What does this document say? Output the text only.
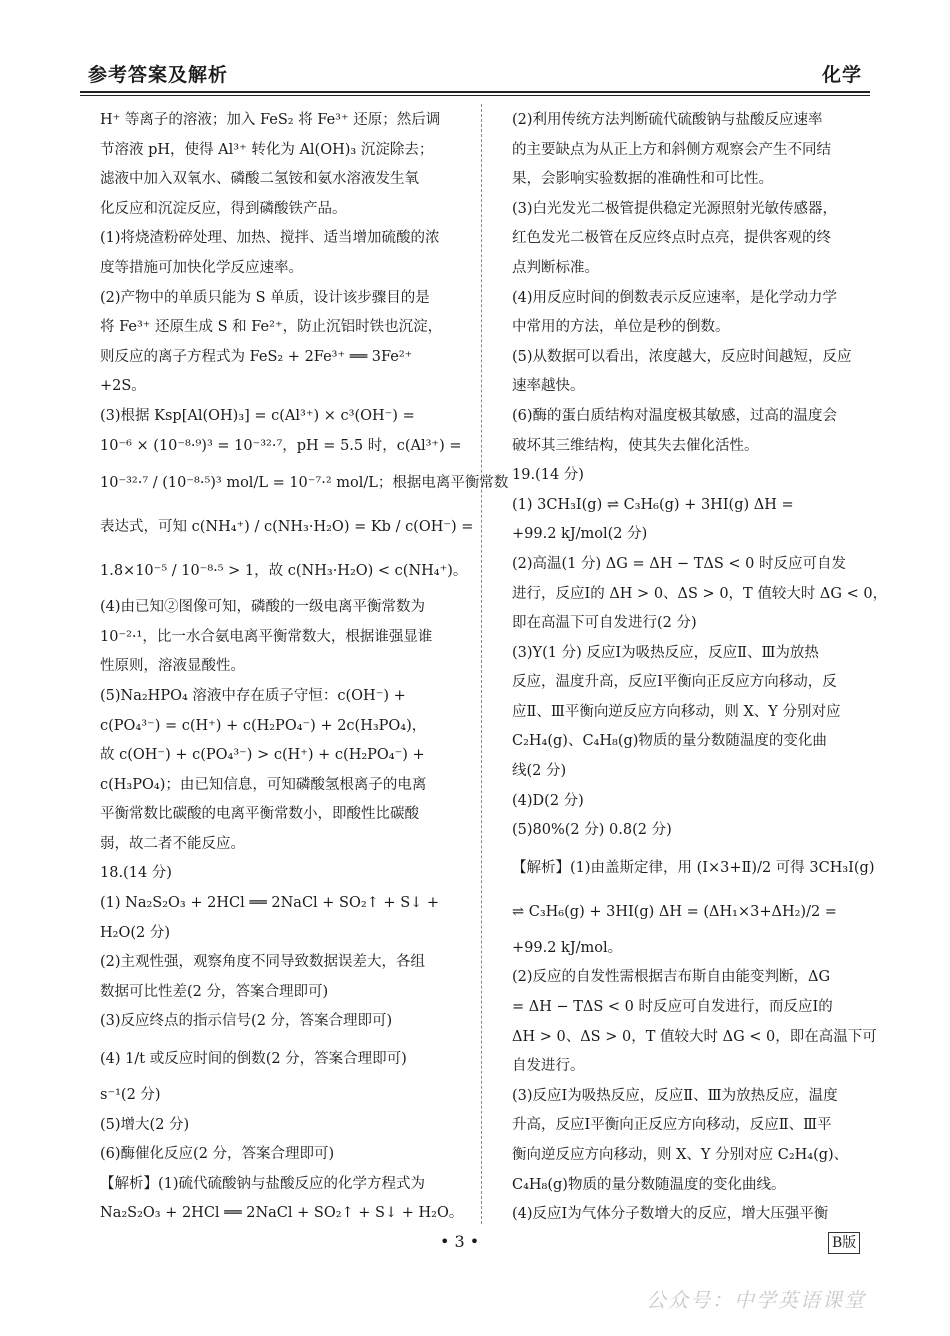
参考答案及解析	化学
H⁺ 等离子的溶液；加入 FeS₂ 将 Fe³⁺ 还原；然后调
节溶液 pH，使得 Al³⁺ 转化为 Al(OH)₃ 沉淀除去；
滤液中加入双氧水、磷酸二氢铵和氨水溶液发生氧
化反应和沉淀反应，得到磷酸铁产品。
(1)将烧渣粉碎处理、加热、搅拌、适当增加硫酸的浓
度等措施可加快化学反应速率。
(2)产物中的单质只能为 S 单质，设计该步骤目的是
将 Fe³⁺ 还原生成 S 和 Fe²⁺，防止沉铝时铁也沉淀，
则反应的离子方程式为 FeS₂ + 2Fe³⁺ ══ 3Fe²⁺
+2S。
(3)根据 Ksp[Al(OH)₃] = c(Al³⁺) × c³(OH⁻) =
10⁻⁶ × (10⁻⁸·⁹)³ = 10⁻³²·⁷，pH = 5.5 时，c(Al³⁺) =
10⁻³²·⁷ / (10⁻⁸·⁵)³ mol/L = 10⁻⁷·² mol/L；根据电离平衡常数
表达式，可知 c(NH₄⁺) / c(NH₃·H₂O) = Kb / c(OH⁻) =
1.8×10⁻⁵ / 10⁻⁸·⁵ > 1，故 c(NH₃·H₂O) < c(NH₄⁺)。
(4)由已知②图像可知，磷酸的一级电离平衡常数为
10⁻²·¹，比一水合氨电离平衡常数大，根据谁强显谁
性原则，溶液显酸性。
(5)Na₂HPO₄ 溶液中存在质子守恒：c(OH⁻) +
c(PO₄³⁻) = c(H⁺) + c(H₂PO₄⁻) + 2c(H₃PO₄)，
故 c(OH⁻) + c(PO₄³⁻) > c(H⁺) + c(H₂PO₄⁻) +
c(H₃PO₄)；由已知信息，可知磷酸氢根离子的电离
平衡常数比碳酸的电离平衡常数小，即酸性比碳酸
弱，故二者不能反应。
18.(14 分)
(1) Na₂S₂O₃ + 2HCl ══ 2NaCl + SO₂↑ + S↓ +
H₂O(2 分)
(2)主观性强，观察角度不同导致数据误差大，各组
数据可比性差(2 分，答案合理即可)
(3)反应终点的指示信号(2 分，答案合理即可)
(4) 1/t 或反应时间的倒数(2 分，答案合理即可)
s⁻¹(2 分)
(5)增大(2 分)
(6)酶催化反应(2 分，答案合理即可)
【解析】(1)硫代硫酸钠与盐酸反应的化学方程式为
Na₂S₂O₃ + 2HCl ══ 2NaCl + SO₂↑ + S↓ + H₂O。
(2)利用传统方法判断硫代硫酸钠与盐酸反应速率
的主要缺点为从正上方和斜侧方观察会产生不同结
果，会影响实验数据的准确性和可比性。
(3)白光发光二极管提供稳定光源照射光敏传感器，
红色发光二极管在反应终点时点亮，提供客观的终
点判断标准。
(4)用反应时间的倒数表示反应速率，是化学动力学
中常用的方法，单位是秒的倒数。
(5)从数据可以看出，浓度越大，反应时间越短，反应
速率越快。
(6)酶的蛋白质结构对温度极其敏感，过高的温度会
破坏其三维结构，使其失去催化活性。
19.(14 分)
(1) 3CH₃I(g) ⇌ C₃H₆(g) + 3HI(g) ΔH =
+99.2 kJ/mol(2 分)
(2)高温(1 分) ΔG = ΔH − TΔS < 0 时反应可自发
进行，反应Ⅰ的 ΔH > 0、ΔS > 0，T 值较大时 ΔG < 0，
即在高温下可自发进行(2 分)
(3)Y(1 分) 反应Ⅰ为吸热反应，反应Ⅱ、Ⅲ为放热
反应，温度升高，反应Ⅰ平衡向正反应方向移动，反
应Ⅱ、Ⅲ平衡向逆反应方向移动，则 X、Y 分别对应
C₂H₄(g)、C₄H₈(g)物质的量分数随温度的变化曲
线(2 分)
(4)D(2 分)
(5)80%(2 分) 0.8(2 分)
【解析】(1)由盖斯定律，用 (Ⅰ×3+Ⅱ)/2 可得 3CH₃I(g)
⇌ C₃H₆(g) + 3HI(g) ΔH = (ΔH₁×3+ΔH₂)/2 =
+99.2 kJ/mol。
(2)反应的自发性需根据吉布斯自由能变判断，ΔG
= ΔH − TΔS < 0 时反应可自发进行，而反应Ⅰ的
ΔH > 0、ΔS > 0，T 值较大时 ΔG < 0，即在高温下可
自发进行。
(3)反应Ⅰ为吸热反应，反应Ⅱ、Ⅲ为放热反应，温度
升高，反应Ⅰ平衡向正反应方向移动，反应Ⅱ、Ⅲ平
衡向逆反应方向移动，则 X、Y 分别对应 C₂H₄(g)、
C₄H₈(g)物质的量分数随温度的变化曲线。
(4)反应Ⅰ为气体分子数增大的反应，增大压强平衡
• 3 •	B版
公众号：中学英语课堂
